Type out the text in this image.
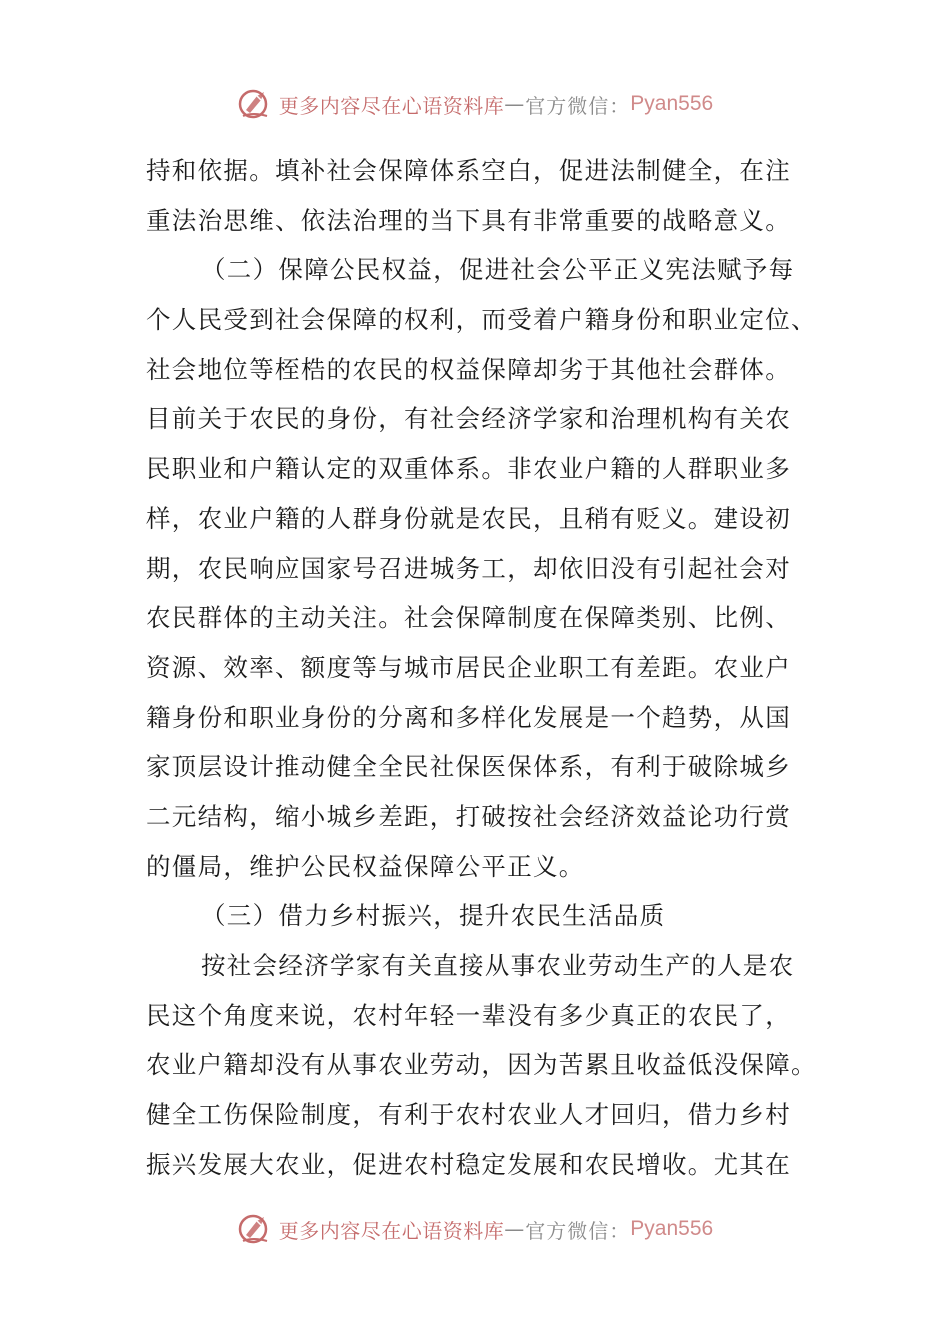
更多内容尽在心语资料库 — 官方微信： Pyan556
持和依据。填补社会保障体系空白，促进法制健全，在注
重法治思维、依法治理的当下具有非常重要的战略意义。
（二）保障公民权益，促进社会公平正义宪法赋予每
个人民受到社会保障的权利，而受着户籍身份和职业定位、
社会地位等桎梏的农民的权益保障却劣于其他社会群体。
目前关于农民的身份，有社会经济学家和治理机构有关农
民职业和户籍认定的双重体系。非农业户籍的人群职业多
样，农业户籍的人群身份就是农民，且稍有贬义。建设初
期，农民响应国家号召进城务工，却依旧没有引起社会对
农民群体的主动关注。社会保障制度在保障类别、比例、
资源、效率、额度等与城市居民企业职工有差距。农业户
籍身份和职业身份的分离和多样化发展是一个趋势，从国
家顶层设计推动健全全民社保医保体系，有利于破除城乡
二元结构，缩小城乡差距，打破按社会经济效益论功行赏
的僵局，维护公民权益保障公平正义。
（三）借力乡村振兴，提升农民生活品质
按社会经济学家有关直接从事农业劳动生产的人是农
民这个角度来说，农村年轻一辈没有多少真正的农民了，
农业户籍却没有从事农业劳动，因为苦累且收益低没保障。
健全工伤保险制度，有利于农村农业人才回归，借力乡村
振兴发展大农业，促进农村稳定发展和农民增收。尤其在
更多内容尽在心语资料库 — 官方微信： Pyan556
